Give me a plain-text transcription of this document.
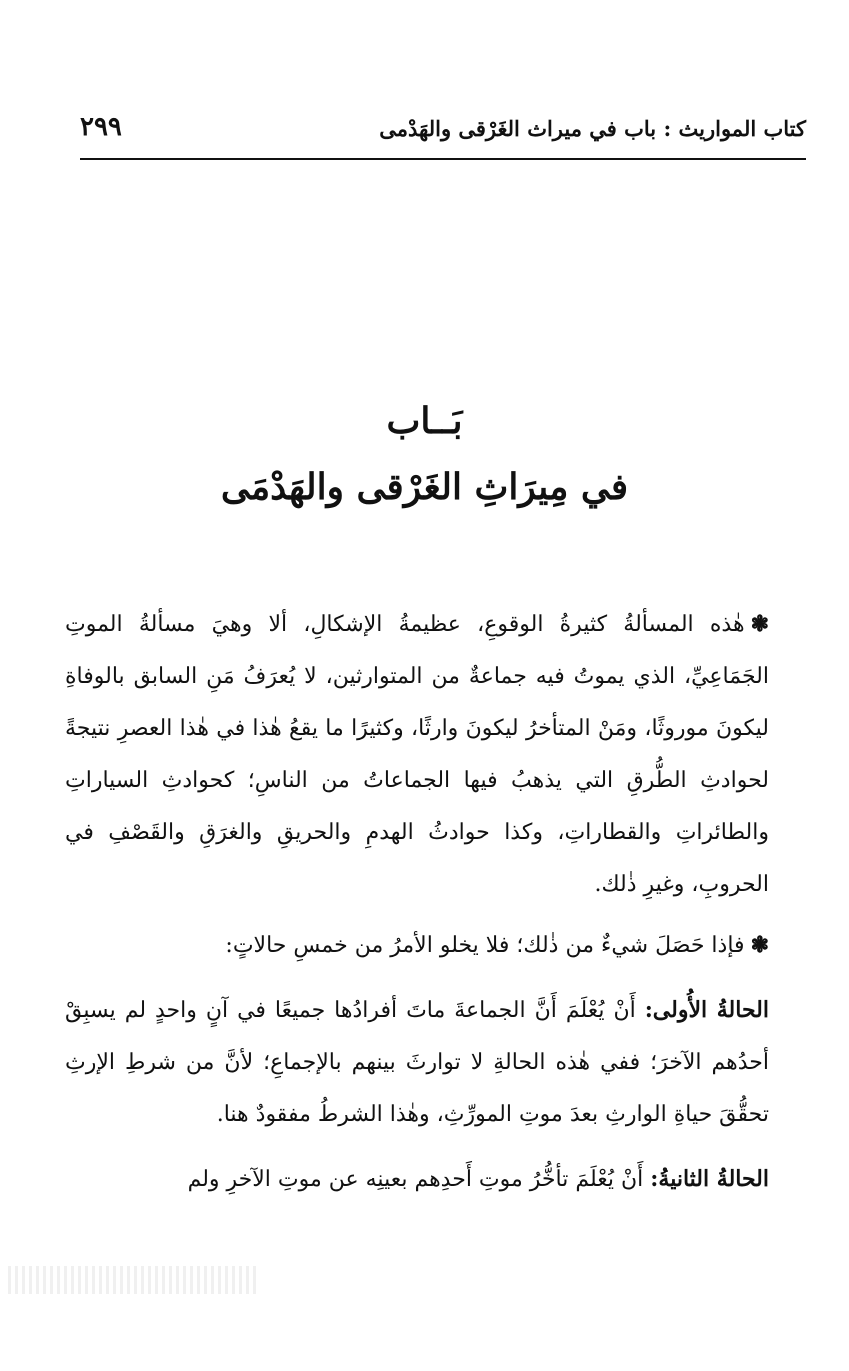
كتاب المواريث : باب في ميراث الغَرْقى والهَدْمى
٢٩٩
بَــاب
في مِيرَاثِ الغَرْقى والهَدْمَى

❃هٰذه المسألةُ كثيرةُ الوقوعِ، عظيمةُ الإشكالِ، ألا وهيَ مسألةُ الموتِ الجَمَاعِيِّ، الذي يموتُ فيه جماعةٌ من المتوارثين، لا يُعرَفُ مَنِ السابق بالوفاةِ ليكونَ موروثًا، ومَنْ المتأخرُ ليكونَ وارثًا، وكثيرًا ما يقعُ هٰذا في هٰذا العصرِ نتيجةً لحوادثِ الطُّرقِ التي يذهبُ فيها الجماعاتُ من الناسِ؛ كحوادثِ السياراتِ والطائراتِ والقطاراتِ، وكذا حوادثُ الهدمِ والحريقِ والغرَقِ والقَصْفِ في الحروبِ، وغيرِ ذٰلك.

❃فإذا حَصَلَ شيءٌ من ذٰلك؛ فلا يخلو الأمرُ من خمسِ حالاتٍ:

الحالةُ الأُولى: أَنْ يُعْلَمَ أَنَّ الجماعةَ ماتَ أفرادُها جميعًا في آنٍ واحدٍ لم يسبِقْ أحدُهم الآخرَ؛ ففي هٰذه الحالةِ لا توارثَ بينهم بالإجماعِ؛ لأنَّ من شرطِ الإرثِ تحقُّقَ حياةِ الوارثِ بعدَ موتِ المورِّثِ، وهٰذا الشرطُ مفقودٌ هنا.

الحالةُ الثانيةُ: أَنْ يُعْلَمَ تأخُّرُ موتِ أَحدِهم بعينِه عن موتِ الآخرِ ولم
